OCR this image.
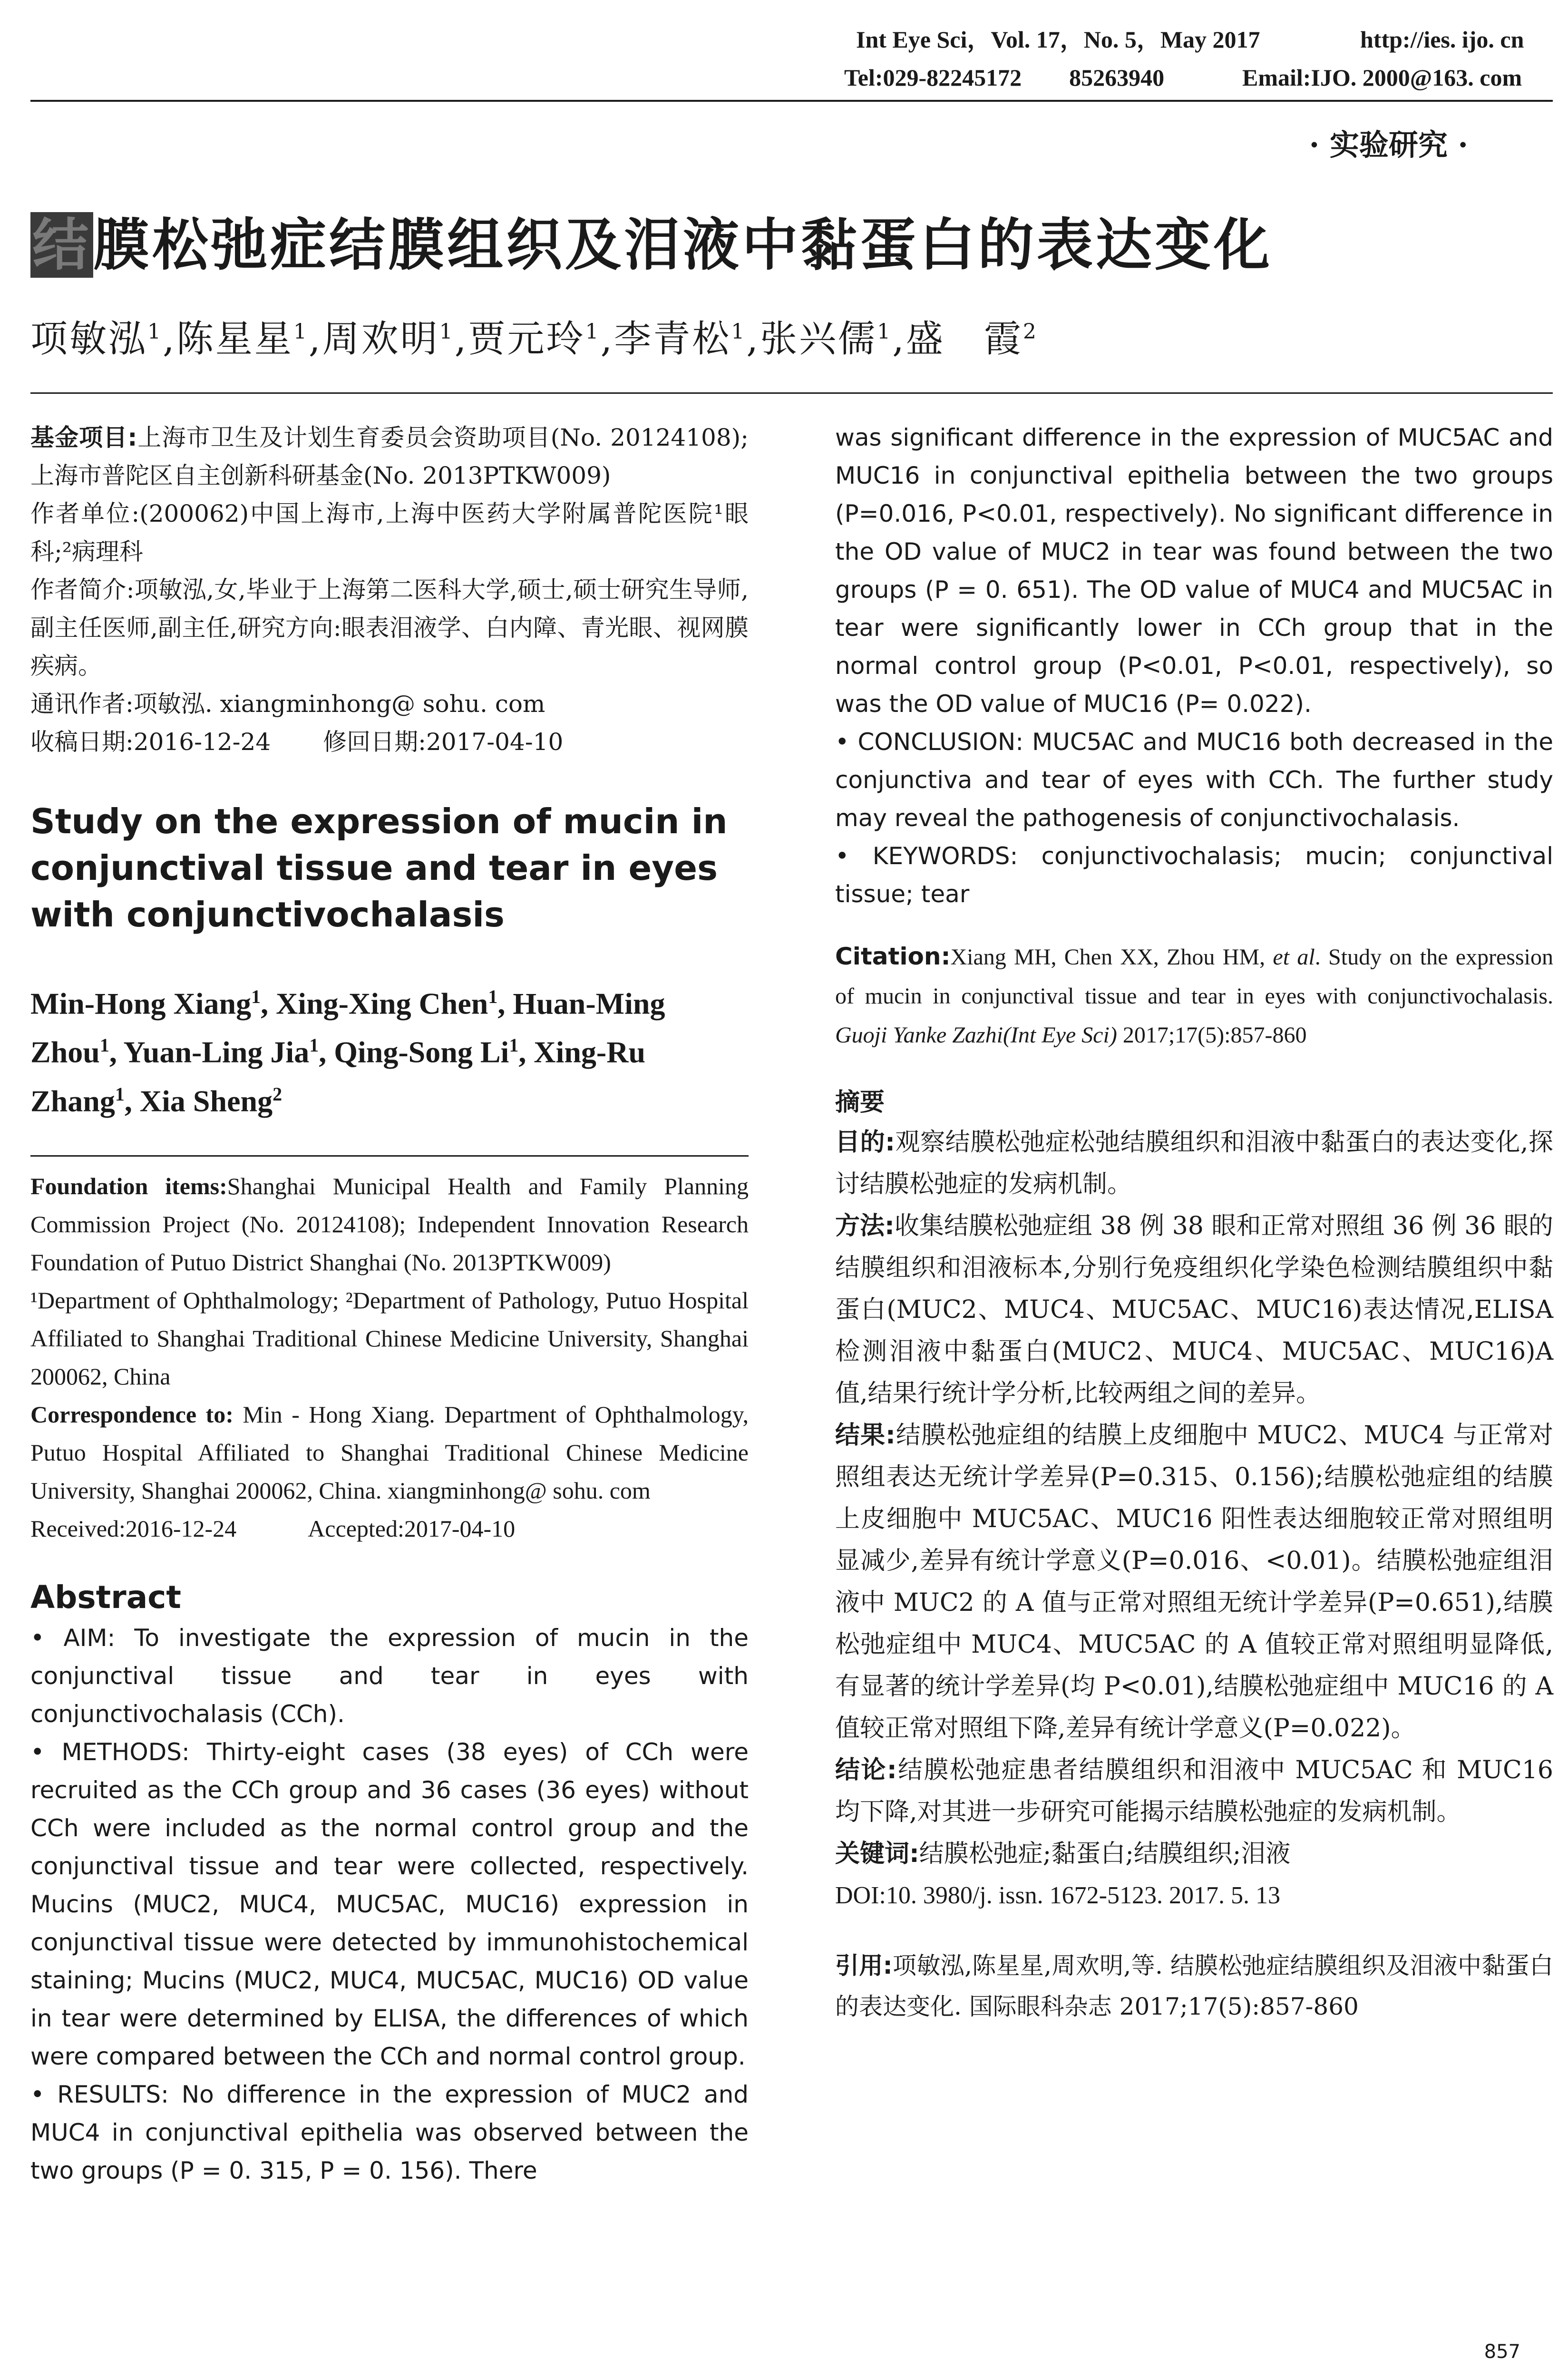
Int Eye Sci，Vol. 17，No. 5，May 2017	http://ies. ijo. cn
Tel:029-82245172　　85263940	Email:IJO. 2000@163. com
· 实验研究 ·
结膜松弛症结膜组织及泪液中黏蛋白的表达变化
项敏泓$^1$,陈星星$^1$,周欢明$^1$,贾元玲$^1$,李青松$^1$,张兴儒$^1$,盛　霞$^2$
基金项目:上海市卫生及计划生育委员会资助项目(No. 20124108);上海市普陀区自主创新科研基金(No. 2013PTKW009)
作者单位:(200062)中国上海市,上海中医药大学附属普陀医院¹眼科;²病理科
作者简介:项敏泓,女,毕业于上海第二医科大学,硕士,硕士研究生导师,副主任医师,副主任,研究方向:眼表泪液学、白内障、青光眼、视网膜疾病。
通讯作者:项敏泓. xiangminhong@ sohu. com
收稿日期:2016-12-24 修回日期:2017-04-10
Study on the expression of mucin in conjunctival tissue and tear in eyes with conjunctivochalasis
Min-Hong Xiang$^1$, Xing-Xing Chen$^1$, Huan-Ming Zhou$^1$, Yuan-Ling Jia$^1$, Qing-Song Li$^1$, Xing-Ru Zhang$^1$, Xia Sheng$^2$
Foundation items:Shanghai Municipal Health and Family Planning Commission Project (No. 20124108); Independent Innovation Research Foundation of Putuo District Shanghai (No. 2013PTKW009)
¹Department of Ophthalmology; ²Department of Pathology, Putuo Hospital Affiliated to Shanghai Traditional Chinese Medicine University, Shanghai 200062, China
Correspondence to: Min - Hong Xiang. Department of Ophthalmology, Putuo Hospital Affiliated to Shanghai Traditional Chinese Medicine University, Shanghai 200062, China. xiangminhong@ sohu. com
Received:2016-12-24　　　Accepted:2017-04-10
Abstract

• AIM: To investigate the expression of mucin in the conjunctival tissue and tear in eyes with conjunctivochalasis (CCh).

• METHODS: Thirty-eight cases (38 eyes) of CCh were recruited as the CCh group and 36 cases (36 eyes) without CCh were included as the normal control group and the conjunctival tissue and tear were collected, respectively. Mucins (MUC2, MUC4, MUC5AC, MUC16) expression in conjunctival tissue were detected by immunohistochemical staining; Mucins (MUC2, MUC4, MUC5AC, MUC16) OD value in tear were determined by ELISA, the differences of which were compared between the CCh and normal control group.

• RESULTS: No difference in the expression of MUC2 and MUC4 in conjunctival epithelia was observed between the two groups (P = 0. 315, P = 0. 156). There

was significant difference in the expression of MUC5AC and MUC16 in conjunctival epithelia between the two groups (P=0.016, P<0.01, respectively). No significant difference in the OD value of MUC2 in tear was found between the two groups (P = 0. 651). The OD value of MUC4 and MUC5AC in tear were significantly lower in CCh group that in the normal control group (P<0.01, P<0.01, respectively), so was the OD value of MUC16 (P= 0.022).

• CONCLUSION: MUC5AC and MUC16 both decreased in the conjunctiva and tear of eyes with CCh. The further study may reveal the pathogenesis of conjunctivochalasis.

• KEYWORDS: conjunctivochalasis; mucin; conjunctival tissue; tear

Citation:Xiang MH, Chen XX, Zhou HM, et al. Study on the expression of mucin in conjunctival tissue and tear in eyes with conjunctivochalasis. Guoji Yanke Zazhi(Int Eye Sci) 2017;17(5):857-860
摘要

目的:观察结膜松弛症松弛结膜组织和泪液中黏蛋白的表达变化,探讨结膜松弛症的发病机制。

方法:收集结膜松弛症组 38 例 38 眼和正常对照组 36 例 36 眼的结膜组织和泪液标本,分别行免疫组织化学染色检测结膜组织中黏蛋白(MUC2、MUC4、MUC5AC、MUC16)表达情况,ELISA 检测泪液中黏蛋白(MUC2、MUC4、MUC5AC、MUC16)A 值,结果行统计学分析,比较两组之间的差异。

结果:结膜松弛症组的结膜上皮细胞中 MUC2、MUC4 与正常对照组表达无统计学差异(P=0.315、0.156);结膜松弛症组的结膜上皮细胞中 MUC5AC、MUC16 阳性表达细胞较正常对照组明显减少,差异有统计学意义(P=0.016、<0.01)。结膜松弛症组泪液中 MUC2 的 A 值与正常对照组无统计学差异(P=0.651),结膜松弛症组中 MUC4、MUC5AC 的 A 值较正常对照组明显降低,有显著的统计学差异(均 P<0.01),结膜松弛症组中 MUC16 的 A 值较正常对照组下降,差异有统计学意义(P=0.022)。

结论:结膜松弛症患者结膜组织和泪液中 MUC5AC 和 MUC16 均下降,对其进一步研究可能揭示结膜松弛症的发病机制。

关键词:结膜松弛症;黏蛋白;结膜组织;泪液

DOI:10. 3980/j. issn. 1672-5123. 2017. 5. 13

引用:项敏泓,陈星星,周欢明,等. 结膜松弛症结膜组织及泪液中黏蛋白的表达变化. 国际眼科杂志 2017;17(5):857-860
857
